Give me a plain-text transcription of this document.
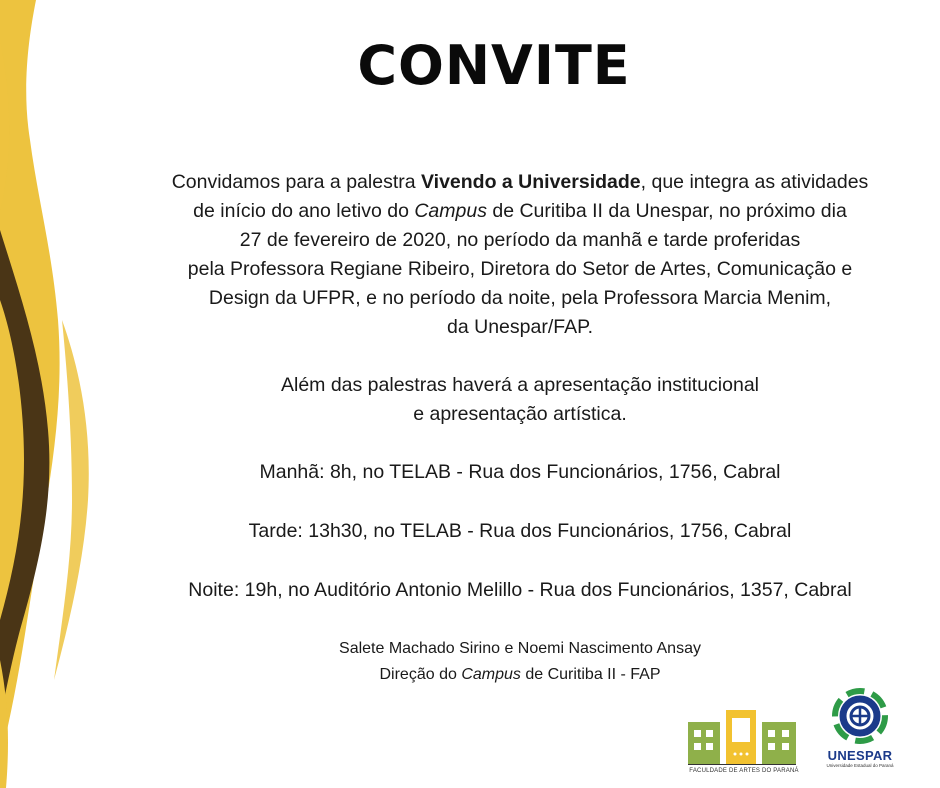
CONVITE

Convidamos para a palestra Vivendo a Universidade, que integra as atividades

de início do ano letivo do Campus de Curitiba II da Unespar, no próximo dia

27 de fevereiro de 2020, no período da manhã e tarde proferidas

pela Professora Regiane Ribeiro, Diretora do Setor de Artes, Comunicação e

Design da UFPR, e no período da noite, pela Professora Marcia Menim,

da Unespar/FAP.

Além das palestras haverá a apresentação institucional

e apresentação artística.

Manhã: 8h, no TELAB - Rua dos Funcionários, 1756, Cabral

Tarde: 13h30, no TELAB - Rua dos Funcionários, 1756, Cabral

Noite: 19h, no Auditório Antonio Melillo - Rua dos Funcionários, 1357, Cabral

Salete Machado Sirino e Noemi Nascimento Ansay

Direção do Campus de Curitiba II - FAP

FACULDADE DE ARTES DO PARANÁ
UNESPAR
Universidade Estadual do Paraná
